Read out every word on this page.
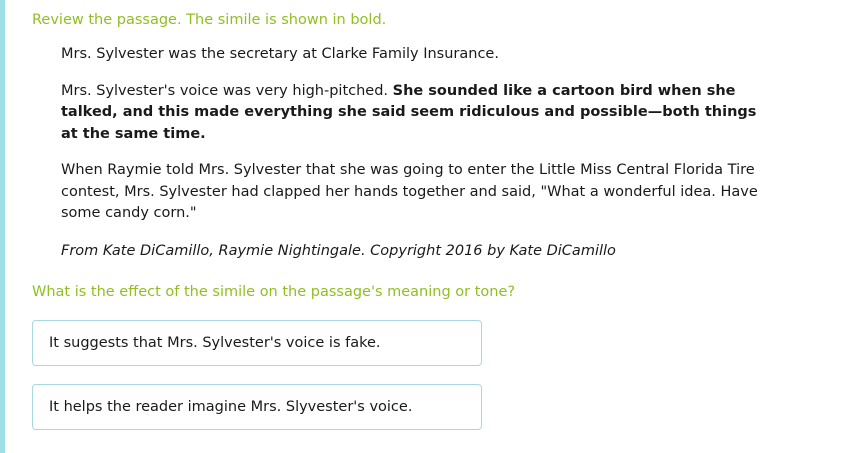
Review the passage. The simile is shown in bold.

Mrs. Sylvester was the secretary at Clarke Family Insurance.

Mrs. Sylvester's voice was very high-pitched. She sounded like a cartoon bird when she talked, and this made everything she said seem ridiculous and possible—both things at the same time.

When Raymie told Mrs. Sylvester that she was going to enter the Little Miss Central Florida Tire contest, Mrs. Sylvester had clapped her hands together and said, "What a wonderful idea. Have some candy corn."

From Kate DiCamillo, Raymie Nightingale. Copyright 2016 by Kate DiCamillo

What is the effect of the simile on the passage's meaning or tone?

It suggests that Mrs. Sylvester's voice is fake.
It helps the reader imagine Mrs. Slyvester's voice.
